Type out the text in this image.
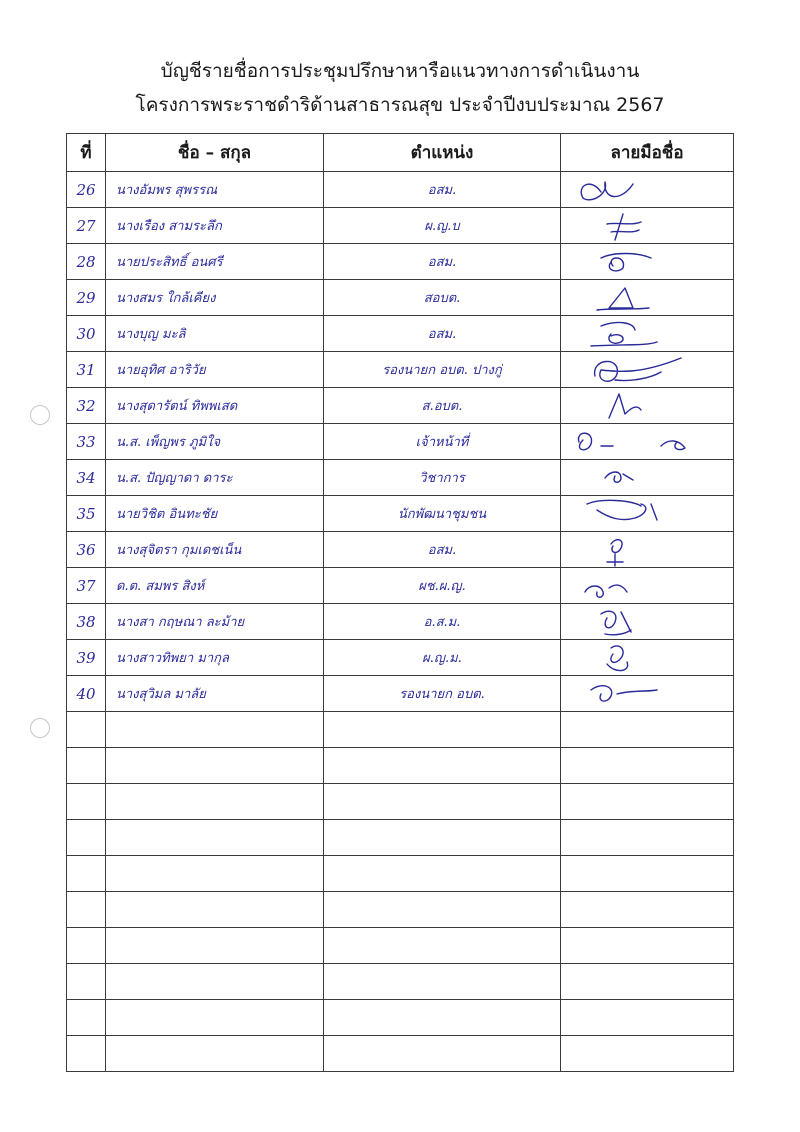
บัญชีรายชื่อการประชุมปรึกษาหารือแนวทางการดำเนินงาน
โครงการพระราชดำริด้านสาธารณสุข ประจำปีงบประมาณ 2567
ที่	ชื่อ – สกุล	ตำแหน่ง	ลายมือชื่อ
26	นางอัมพร สุพรรณ	อสม.	

27	นางเรือง สามระลึก	ผ.ญ.บ	

28	นายประสิทธิ์ อนศรี	อสม.	

29	นางสมร ใกล้เคียง	สอบต.	

30	นางบุญ มะลิ	อสม.	

31	นายอุทิศ อาริวัย	รองนายก อบต. ปางกู่	

32	นางสุดารัตน์ ทิพพเสด	ส.อบต.	

33	น.ส. เพ็ญพร ภูมิใจ	เจ้าหน้าที่	

34	น.ส. ปัญญาดา ดาระ	วิชาการ	

35	นายวิชิต อินทะชัย	นักพัฒนาชุมชน	

36	นางสุจิตรา กุมเดชเน็น	อสม.	

37	ด.ต. สมพร สิงห์	ผช.ผ.ญ.	

38	นางสา กฤษณา ละม้าย	อ.ส.ม.	

39	นางสาวทิพยา มากุล	ผ.ญ.ม.	

40	นางสุวิมล มาลัย	รองนายก อบต.	
